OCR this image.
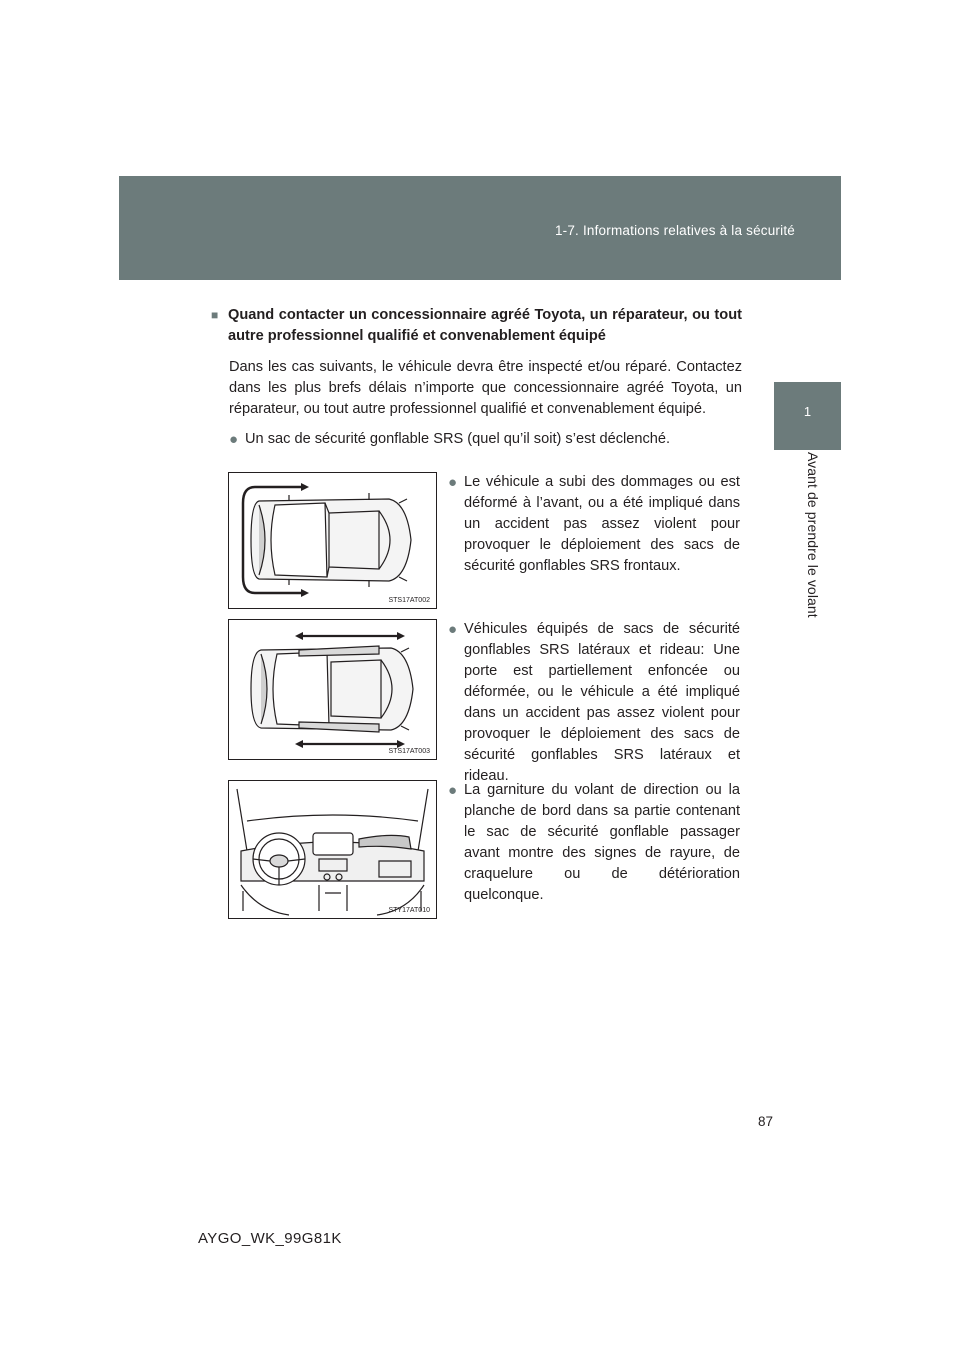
1-7. Informations relatives à la sécurité
1
Avant de prendre le volant
■ Quand contacter un concessionnaire agréé Toyota, un réparateur, ou tout autre professionnel qualifié et convenablement équipé
Dans les cas suivants, le véhicule devra être inspecté et/ou réparé. Contactez dans les plus brefs délais n’importe que concessionnaire agréé Toyota, un réparateur, ou tout autre professionnel qualifié et convenablement équipé.
● Un sac de sécurité gonflable SRS (quel qu’il soit) s’est déclenché.
STS17AT002
● Le véhicule a subi des dommages ou est déformé à l’avant, ou a été impliqué dans un accident pas assez violent pour provoquer le déploiement des sacs de sécurité gonflables SRS frontaux.
STS17AT003
● Véhicules équipés de sacs de sécurité gonflables SRS latéraux et rideau: Une porte est partiellement enfoncée ou déformée, ou le véhicule a été impliqué dans un accident pas assez violent pour provoquer le déploiement des sacs de sécurité gonflables SRS latéraux et rideau.
STY17AT010
● La garniture du volant de direction ou la planche de bord dans sa partie contenant le sac de sécurité gonflable passager avant montre des signes de rayure, de craquelure ou de détérioration quelconque.
87
AYGO_WK_99G81K
